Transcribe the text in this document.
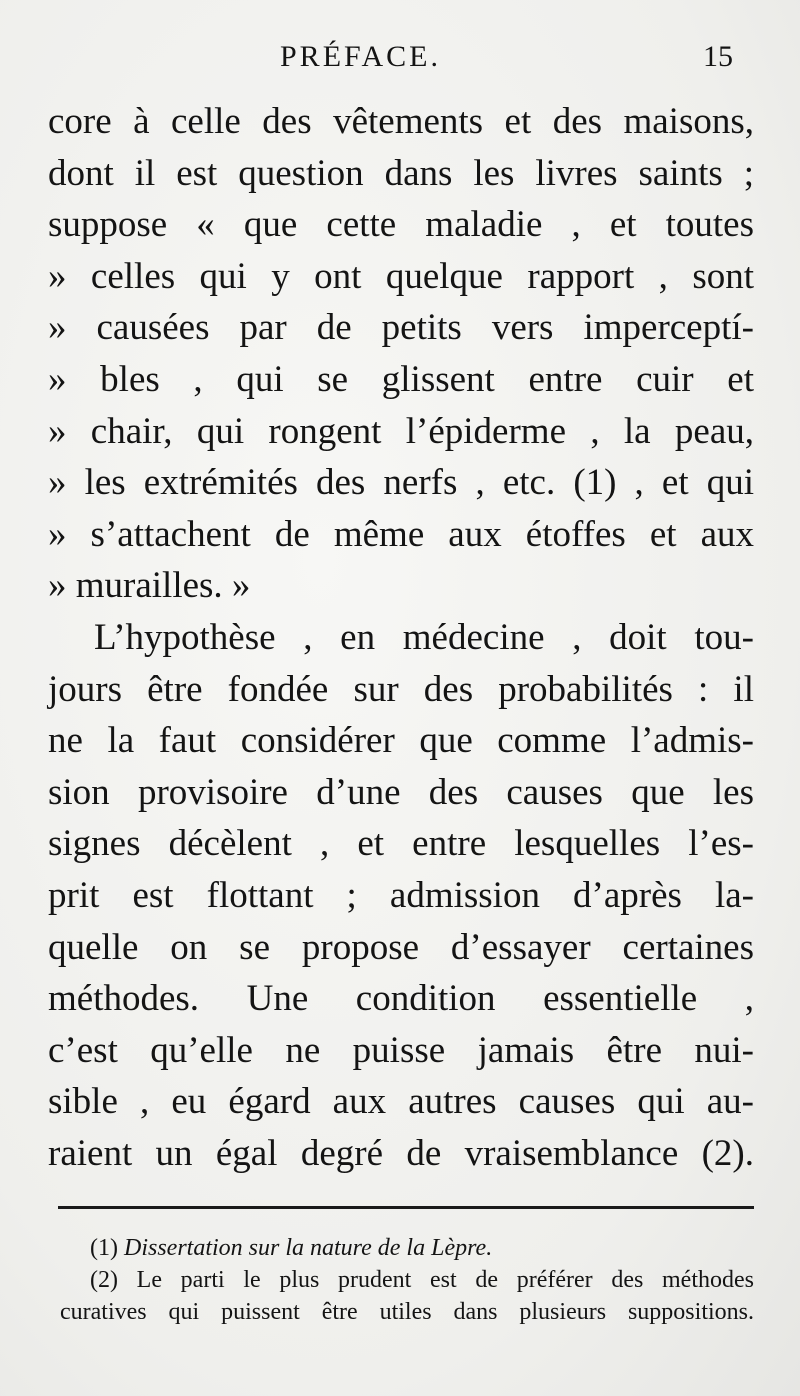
PRÉFACE.	15
core à celle des vêtements et des maisons,
dont il est question dans les livres saints ;
suppose « que cette maladie , et toutes
» celles qui y ont quelque rapport , sont
» causées par de petits vers imperceptí-
» bles , qui se glissent entre cuir et
» chair, qui rongent l’épiderme , la peau,
» les extrémités des nerfs , etc. (1) , et qui
» s’attachent de même aux étoffes et aux
» murailles. »
L’hypothèse , en médecine , doit tou-
jours être fondée sur des probabilités : il
ne la faut considérer que comme l’admis-
sion provisoire d’une des causes que les
signes décèlent , et entre lesquelles l’es-
prit est flottant ; admission d’après la-
quelle on se propose d’essayer certaines
méthodes. Une condition essentielle ,
c’est qu’elle ne puisse jamais être nui-
sible , eu égard aux autres causes qui au-
raient un égal degré de vraisemblance (2).
(1) Dissertation sur la nature de la Lèpre.
(2) Le parti le plus prudent est de préférer des méthodes
curatives qui puissent être utiles dans plusieurs suppositions.
